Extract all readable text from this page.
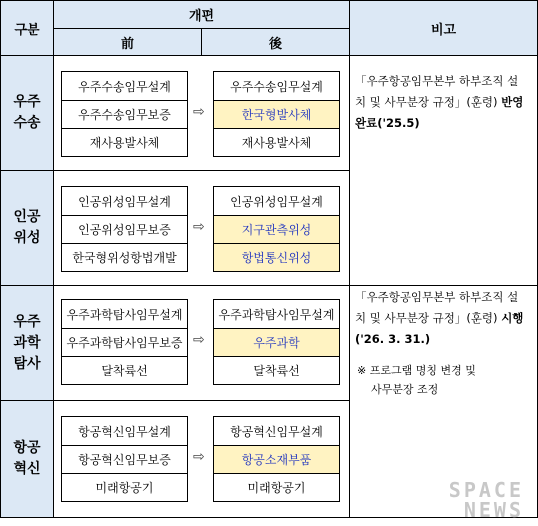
구분
개편
前	後
비고
우주
수송
우주수송임무설계
우주수송임무보증
재사용발사체
⇨
우주수송임무설계
한국형발사체
재사용발사체
인공
위성
인공위성임무설계
인공위성임무보증
한국형위성항법개발
⇨
인공위성임무설계
지구관측위성
항법통신위성
우주
과학
탐사
우주과학탐사임무설계
우주과학탐사임무보증
달착륙선
⇨
우주과학탐사임무설계
우주과학
달착륙선
항공
혁신
항공혁신임무설계
항공혁신임무보증
미래항공기
⇨
항공혁신임무설계
항공소재부품
미래항공기
「우주항공임무본부 하부조직 설
치 및 사무분장 규정」(훈령) 반영
완료('25.5)
「우주항공임무본부 하부조직 설
치 및 사무분장 규정」(훈령) 시행
('26. 3. 31.)
※ 프로그램 명칭 변경 및
사무분장 조정
SPACE
NEWS
